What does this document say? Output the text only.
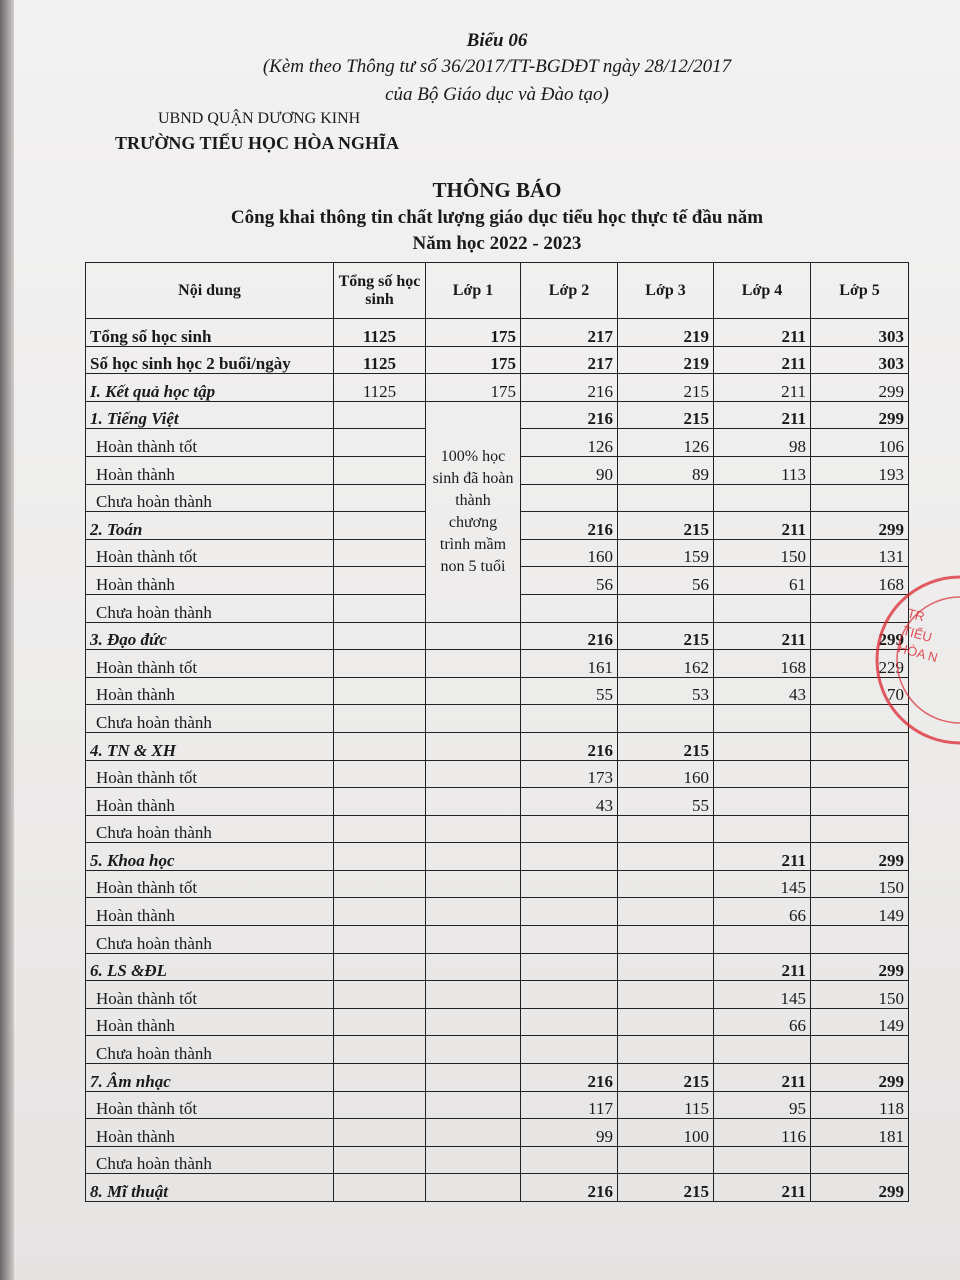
Biểu 06
(Kèm theo Thông tư số 36/2017/TT-BGDĐT ngày 28/12/2017
của Bộ Giáo dục và Đào tạo)
UBND QUẬN DƯƠNG KINH
TRƯỜNG TIỂU HỌC HÒA NGHĨA
THÔNG BÁO
Công khai thông tin chất lượng giáo dục tiểu học thực tế đầu năm
Năm học 2022 - 2023
Nội dung	Tổng số học sinh	Lớp 1	Lớp 2	Lớp 3	Lớp 4	Lớp 5
Tổng số học sinh	1125	175	217	219	211	303
Số học sinh học 2 buổi/ngày	1125	175	217	219	211	303
I. Kết quả học tập	1125	175	216	215	211	299
1. Tiếng Việt		100% học sinh đã hoàn thành chương trình mầm non 5 tuổi	216	215	211	299
Hoàn thành tốt			126	126	98	106
Hoàn thành			90	89	113	193
Chưa hoàn thành						
2. Toán			216	215	211	299
Hoàn thành tốt			160	159	150	131
Hoàn thành			56	56	61	168
Chưa hoàn thành						
3. Đạo đức			216	215	211	299
Hoàn thành tốt			161	162	168	229
Hoàn thành			55	53	43	70
Chưa hoàn thành						
4. TN & XH			216	215		
Hoàn thành tốt			173	160		
Hoàn thành			43	55		
Chưa hoàn thành						
5. Khoa học					211	299
Hoàn thành tốt					145	150
Hoàn thành					66	149
Chưa hoàn thành						
6. LS &ĐL					211	299
Hoàn thành tốt					145	150
Hoàn thành					66	149
Chưa hoàn thành						
7. Âm nhạc			216	215	211	299
Hoàn thành tốt			117	115	95	118
Hoàn thành			99	100	116	181
Chưa hoàn thành						
8. Mĩ thuật			216	215	211	299
TR TIỂU HÒA N
